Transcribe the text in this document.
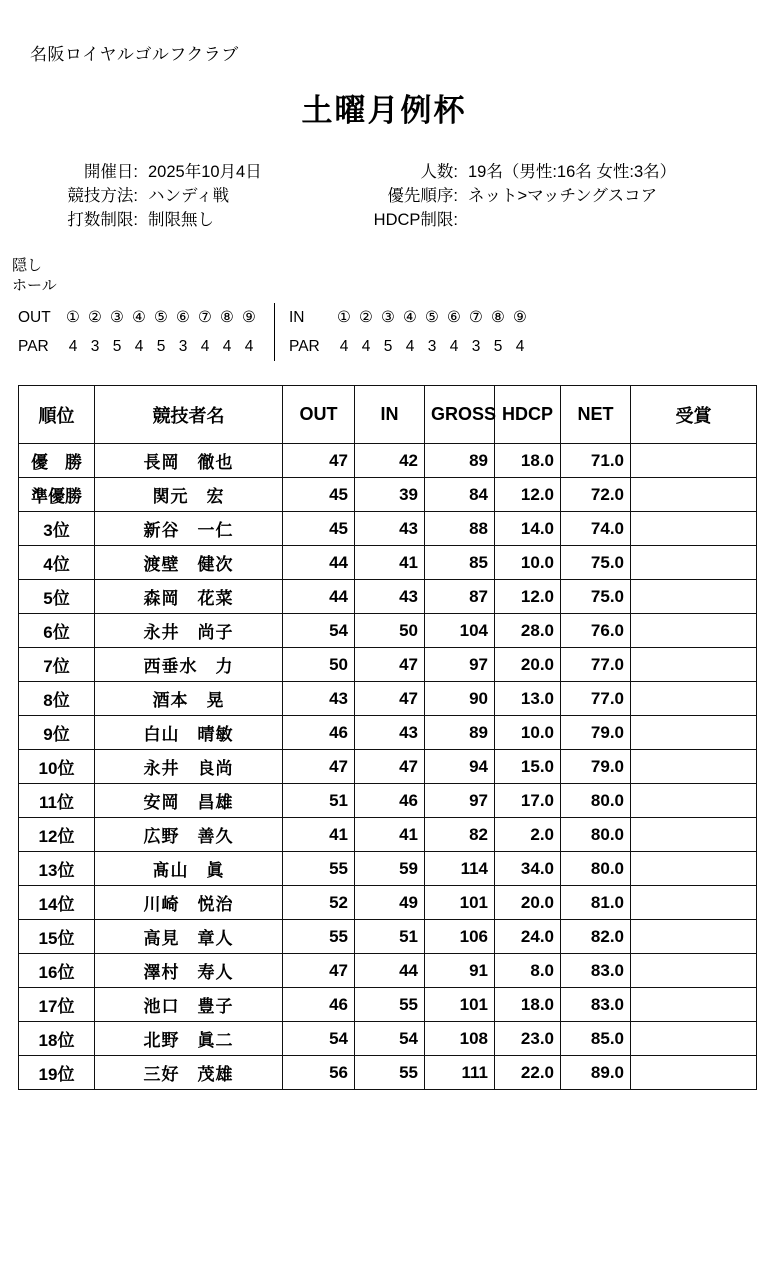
名阪ロイヤルゴルフクラブ
土曜月例杯
開催日: 2025年10月4日
競技方法: ハンディ戦
打数制限: 制限無し
人数: 19名（男性:16名 女性:3名）
優先順序: ネット>マッチングスコア
HDCP制限:
隠し
ホール
OUT ① ② ③ ④ ⑤ ⑥ ⑦ ⑧ ⑨
PAR	4 3 5 4 5 3 4 4 4
IN	① ② ③ ④ ⑤ ⑥ ⑦ ⑧ ⑨
PAR	4 4 5 4 3 4 3 5 4
順位	競技者名	OUT	IN	GROSS	HDCP	NET	受賞
優　勝	長岡　徹也	47	42	89	18.0	71.0	
準優勝	関元　宏	45	39	84	12.0	72.0	
3位	新谷　一仁	45	43	88	14.0	74.0	
4位	渡壁　健次	44	41	85	10.0	75.0	
5位	森岡　花菜	44	43	87	12.0	75.0	
6位	永井　尚子	54	50	104	28.0	76.0	
7位	西垂水　力	50	47	97	20.0	77.0	
8位	酒本　晃	43	47	90	13.0	77.0	
9位	白山　晴敏	46	43	89	10.0	79.0	
10位	永井　良尚	47	47	94	15.0	79.0	
11位	安岡　昌雄	51	46	97	17.0	80.0	
12位	広野　善久	41	41	82	2.0	80.0	
13位	髙山　眞	55	59	114	34.0	80.0	
14位	川崎　悦治	52	49	101	20.0	81.0	
15位	高見　章人	55	51	106	24.0	82.0	
16位	澤村　寿人	47	44	91	8.0	83.0	
17位	池口　豊子	46	55	101	18.0	83.0	
18位	北野　眞二	54	54	108	23.0	85.0	
19位	三好　茂雄	56	55	111	22.0	89.0	
